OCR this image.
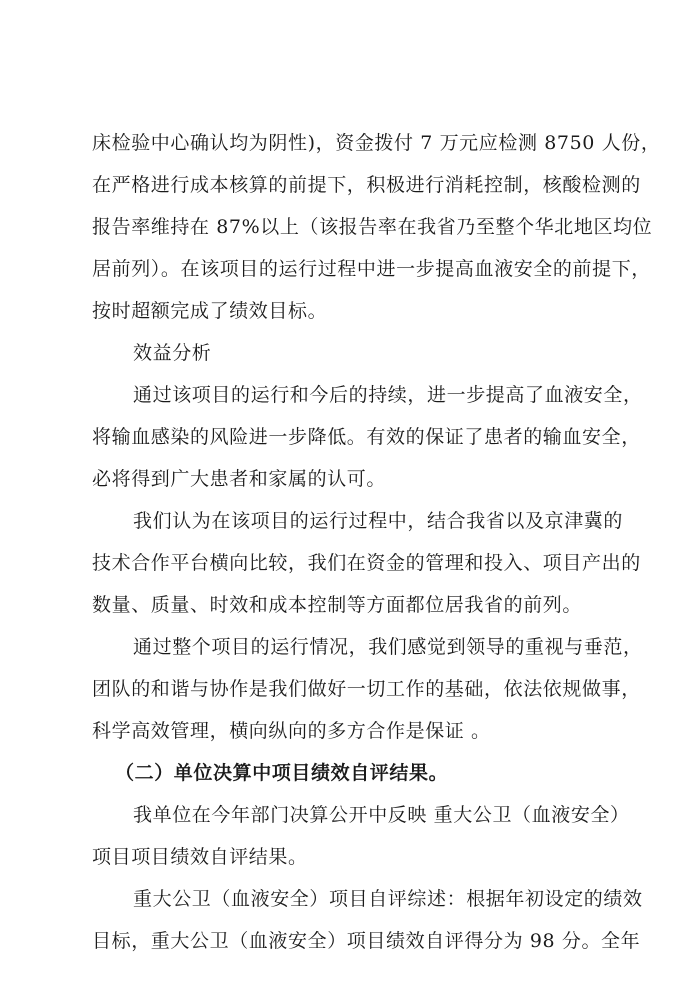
床检验中心确认均为阴性)，资金拨付 7 万元应检测 8750 人份，
在严格进行成本核算的前提下，积极进行消耗控制，核酸检测的
报告率维持在 87%以上（该报告率在我省乃至整个华北地区均位
居前列）。在该项目的运行过程中进一步提高血液安全的前提下，
按时超额完成了绩效目标。
效益分析
通过该项目的运行和今后的持续，进一步提高了血液安全，
将输血感染的风险进一步降低。有效的保证了患者的输血安全，
必将得到广大患者和家属的认可。
我们认为在该项目的运行过程中，结合我省以及京津冀的
技术合作平台横向比较，我们在资金的管理和投入、项目产出的
数量、质量、时效和成本控制等方面都位居我省的前列。
通过整个项目的运行情况，我们感觉到领导的重视与垂范，
团队的和谐与协作是我们做好一切工作的基础，依法依规做事，
科学高效管理，横向纵向的多方合作是保证 。
（二）单位决算中项目绩效自评结果。
我单位在今年部门决算公开中反映 重大公卫（血液安全）
项目项目绩效自评结果。
重大公卫（血液安全）项目自评综述：根据年初设定的绩效
目标，重大公卫（血液安全）项目绩效自评得分为 98 分。全年
